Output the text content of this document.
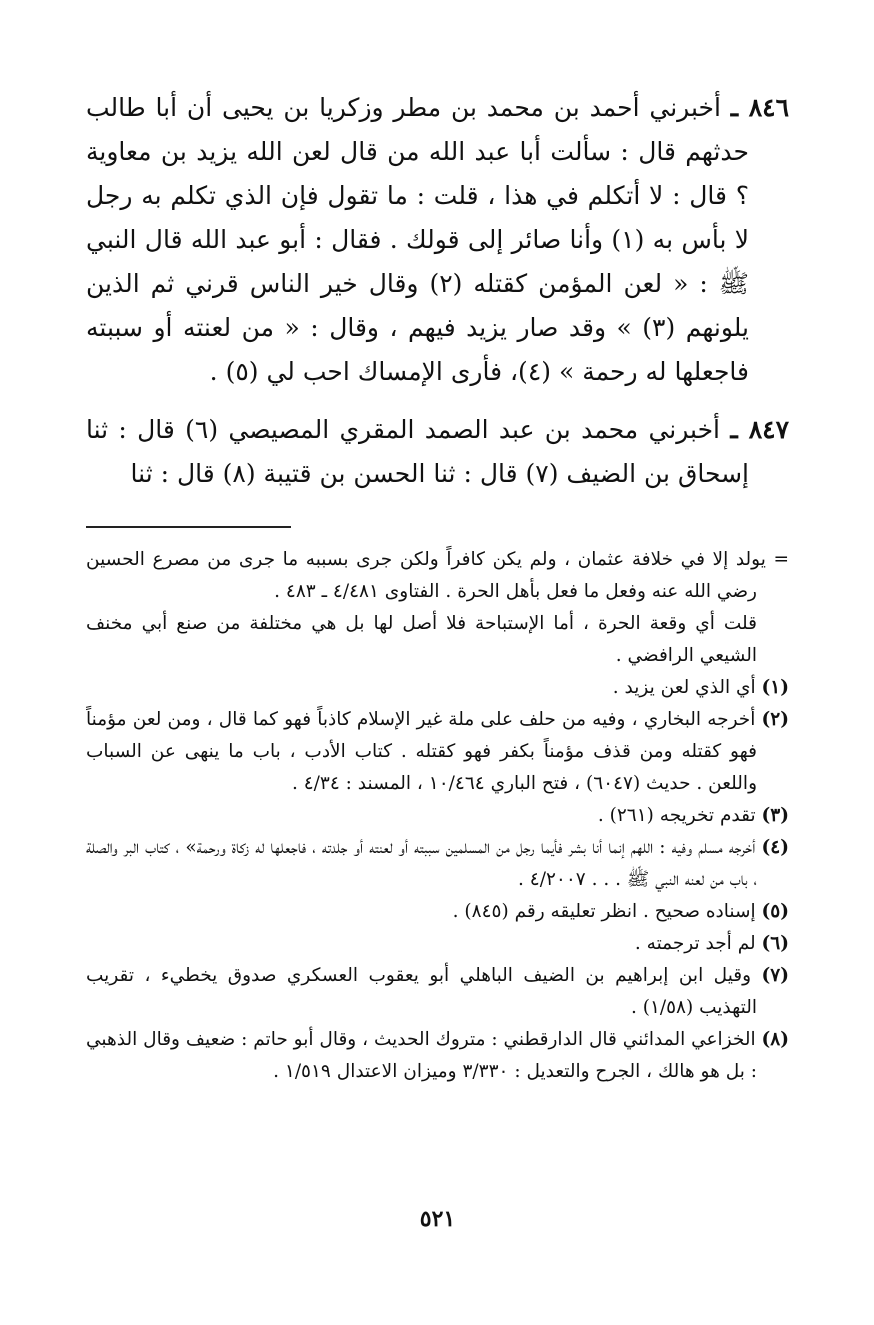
٨٤٦ ـ أخبرني أحمد بن محمد بن مطر وزكريا بن يحيى أن أبا طالب حدثهم قال : سألت أبا عبد الله من قال لعن الله يزيد بن معاوية ؟ قال : لا أتكلم في هذا ، قلت : ما تقول فإن الذي تكلم به رجل لا بأس به (١) وأنا صائر إلى قولك . فقال : أبو عبد الله قال النبي ﷺ : « لعن المؤمن كقتله (٢) وقال خير الناس قرني ثم الذين يلونهم (٣) » وقد صار يزيد فيهم ، وقال : « من لعنته أو سببته فاجعلها له رحمة » (٤)، فأرى الإمساك احب لي (٥) .

٨٤٧ ـ أخبرني محمد بن عبد الصمد المقري المصيصي (٦) قال : ثنا إسحاق بن الضيف (٧) قال : ثنا الحسن بن قتيبة (٨) قال : ثنا

= يولد إلا في خلافة عثمان ، ولم يكن كافراً ولكن جرى بسببه ما جرى من مصرع الحسين رضي الله عنه وفعل ما فعل بأهل الحرة . الفتاوى ٤/٤٨١ ـ ٤٨٣ .

قلت أي وقعة الحرة ، أما الإستباحة فلا أصل لها بل هي مختلفة من صنع أبي مخنف الشيعي الرافضي .

(١) أي الذي لعن يزيد .

(٢) أخرجه البخاري ، وفيه من حلف على ملة غير الإسلام كاذباً فهو كما قال ، ومن لعن مؤمناً فهو كقتله ومن قذف مؤمناً بكفر فهو كقتله . كتاب الأدب ، باب ما ينهى عن السباب واللعن . حديث (٦٠٤٧) ، فتح الباري ١٠/٤٦٤ ، المسند : ٤/٣٤ .

(٣) تقدم تخريجه (٢٦١) .

(٤) أخرجه مسلم وفيه : اللهم إنما أنا بشر فأيما رجل من المسلمين سببته أو لعنته أو جلدته ، فاجعلها له زكاة ورحمة» ، كتاب البر والصلة ، باب من لعنه النبي ﷺ . . . ٤/٢٠٠٧ .

(٥) إسناده صحيح . انظر تعليقه رقم (٨٤٥) .

(٦) لم أجد ترجمته .

(٧) وقيل ابن إبراهيم بن الضيف الباهلي أبو يعقوب العسكري صدوق يخطيء ، تقريب التهذيب (١/٥٨) .

(٨) الخزاعي المدائني قال الدارقطني : متروك الحديث ، وقال أبو حاتم : ضعيف وقال الذهبي : بل هو هالك ، الجرح والتعديل : ٣/٣٣٠ وميزان الاعتدال ١/٥١٩ .

٥٢١
